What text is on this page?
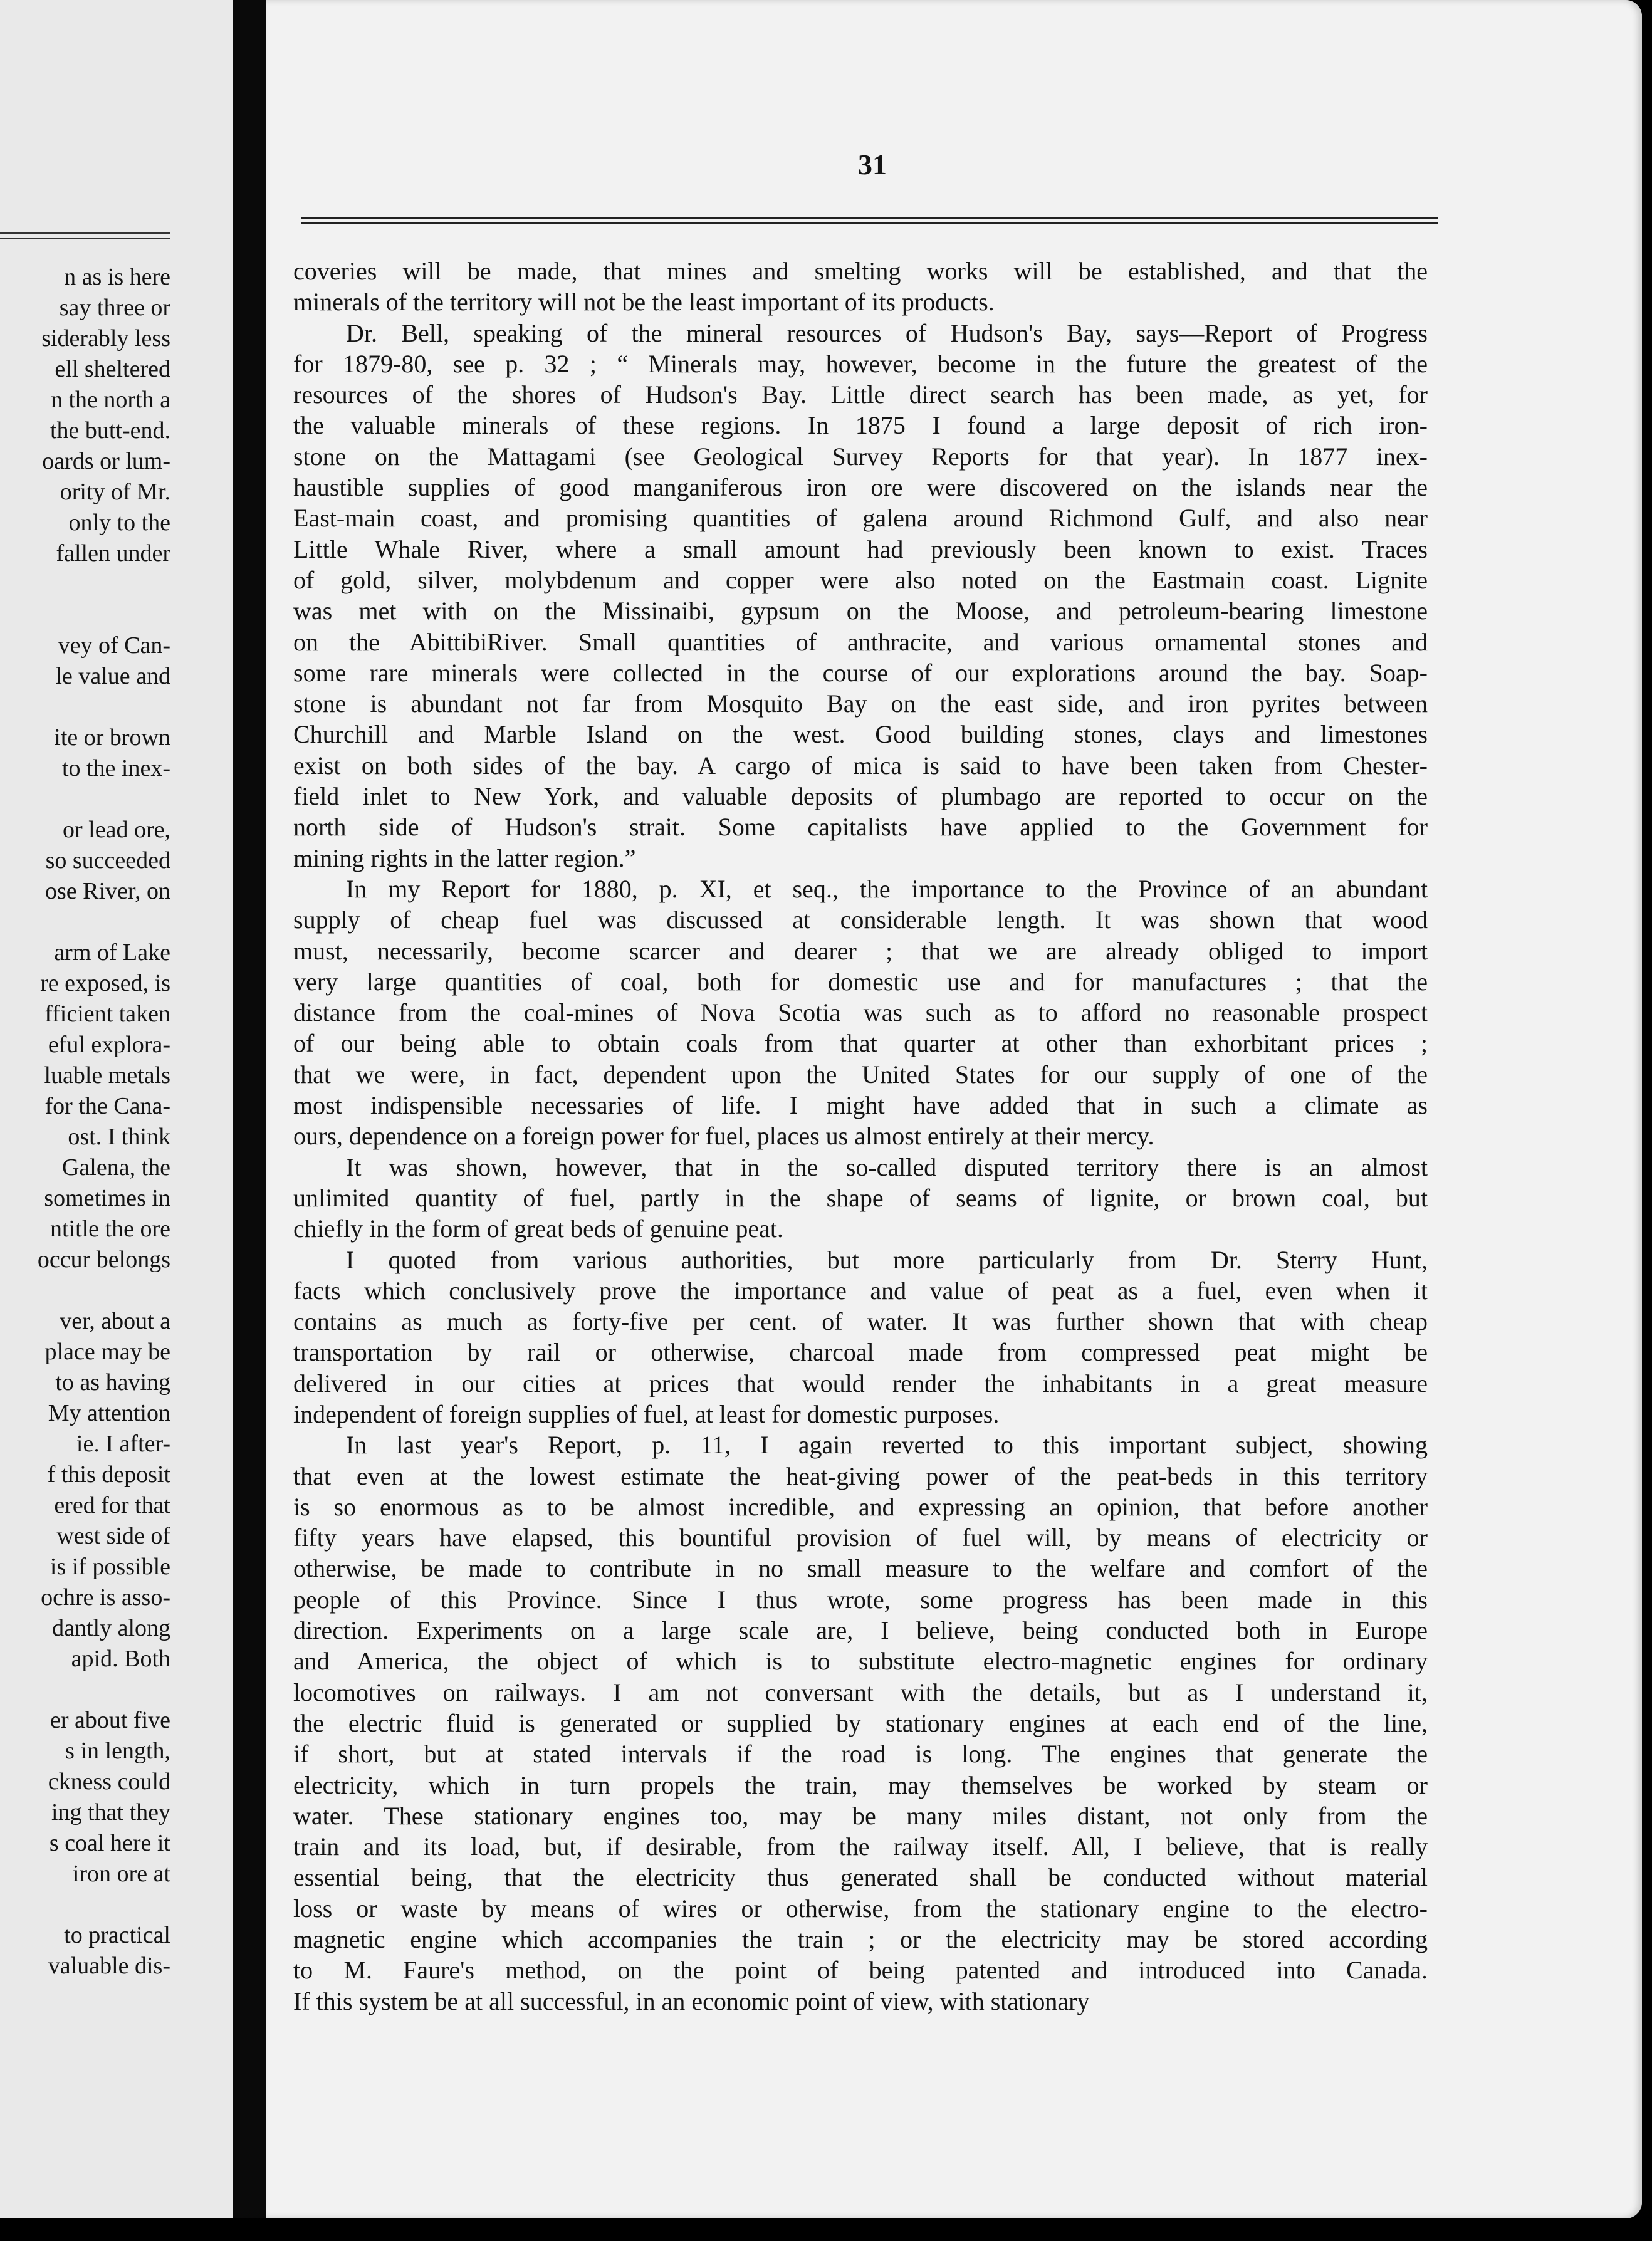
n as is here
say three or
siderably less
ell sheltered
n the north a
the butt-end.
oards or lum-
ority of Mr.
only to the
fallen under
vey of Can-
le value and
ite or brown
to the inex-
or lead ore,
so succeeded
ose River, on
arm of Lake
re exposed, is
fficient taken
eful explora-
luable metals
for the Cana-
ost. I think
Galena, the
sometimes in
ntitle the ore
occur belongs
ver, about a
place may be
to as having
My attention
ie. I after-
f this deposit
ered for that
west side of
is if possible
ochre is asso-
dantly along
apid. Both
er about five
s in length,
ckness could
ing that they
s coal here it
iron ore at
to practical
valuable dis-
31
coveries will be made, that mines and smelting works will be established, and that the
minerals of the territory will not be the least important of its products.
Dr. Bell, speaking of the mineral resources of Hudson's Bay, says—Report of Progress
for 1879-80, see p. 32 ; “ Minerals may, however, become in the future the greatest of the
resources of the shores of Hudson's Bay. Little direct search has been made, as yet, for
the valuable minerals of these regions. In 1875 I found a large deposit of rich iron-
stone on the Mattagami (see Geological Survey Reports for that year). In 1877 inex-
haustible supplies of good manganiferous iron ore were discovered on the islands near the
East-main coast, and promising quantities of galena around Richmond Gulf, and also near
Little Whale River, where a small amount had previously been known to exist. Traces
of gold, silver, molybdenum and copper were also noted on the Eastmain coast. Lignite
was met with on the Missinaibi, gypsum on the Moose, and petroleum-bearing limestone
on the AbittibiRiver. Small quantities of anthracite, and various ornamental stones and
some rare minerals were collected in the course of our explorations around the bay. Soap-
stone is abundant not far from Mosquito Bay on the east side, and iron pyrites between
Churchill and Marble Island on the west. Good building stones, clays and limestones
exist on both sides of the bay. A cargo of mica is said to have been taken from Chester-
field inlet to New York, and valuable deposits of plumbago are reported to occur on the
north side of Hudson's strait. Some capitalists have applied to the Government for
mining rights in the latter region.”
In my Report for 1880, p. XI, et seq., the importance to the Province of an abundant
supply of cheap fuel was discussed at considerable length. It was shown that wood
must, necessarily, become scarcer and dearer ; that we are already obliged to import
very large quantities of coal, both for domestic use and for manufactures ; that the
distance from the coal-mines of Nova Scotia was such as to afford no reasonable prospect
of our being able to obtain coals from that quarter at other than exhorbitant prices ;
that we were, in fact, dependent upon the United States for our supply of one of the
most indispensible necessaries of life. I might have added that in such a climate as
ours, dependence on a foreign power for fuel, places us almost entirely at their mercy.
It was shown, however, that in the so-called disputed territory there is an almost
unlimited quantity of fuel, partly in the shape of seams of lignite, or brown coal, but
chiefly in the form of great beds of genuine peat.
I quoted from various authorities, but more particularly from Dr. Sterry Hunt,
facts which conclusively prove the importance and value of peat as a fuel, even when it
contains as much as forty-five per cent. of water. It was further shown that with cheap
transportation by rail or otherwise, charcoal made from compressed peat might be
delivered in our cities at prices that would render the inhabitants in a great measure
independent of foreign supplies of fuel, at least for domestic purposes.
In last year's Report, p. 11, I again reverted to this important subject, showing
that even at the lowest estimate the heat-giving power of the peat-beds in this territory
is so enormous as to be almost incredible, and expressing an opinion, that before another
fifty years have elapsed, this bountiful provision of fuel will, by means of electricity or
otherwise, be made to contribute in no small measure to the welfare and comfort of the
people of this Province. Since I thus wrote, some progress has been made in this
direction. Experiments on a large scale are, I believe, being conducted both in Europe
and America, the object of which is to substitute electro-magnetic engines for ordinary
locomotives on railways. I am not conversant with the details, but as I understand it,
the electric fluid is generated or supplied by stationary engines at each end of the line,
if short, but at stated intervals if the road is long. The engines that generate the
electricity, which in turn propels the train, may themselves be worked by steam or
water. These stationary engines too, may be many miles distant, not only from the
train and its load, but, if desirable, from the railway itself. All, I believe, that is really
essential being, that the electricity thus generated shall be conducted without material
loss or waste by means of wires or otherwise, from the stationary engine to the electro-
magnetic engine which accompanies the train ; or the electricity may be stored according
to M. Faure's method, on the point of being patented and introduced into Canada.
If this system be at all successful, in an economic point of view, with stationary
